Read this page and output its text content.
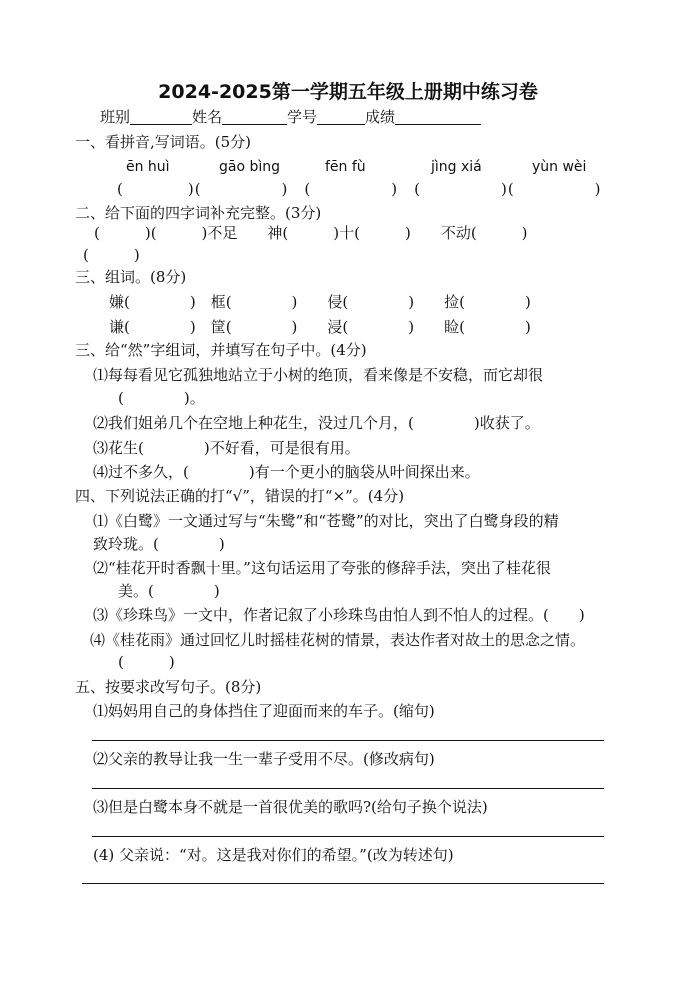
2024-2025第一学期五年级上册期中练习卷
班别	姓名	学号	成绩
一、看拼音,写词语。(5分)
ēn huì	gāo bìng	fēn fù	jìng xiá	yùn wèi
(　　　　)(　　　　　)　(　　　　　)　(　　　　　)(　　　　　)
二、给下面的四字词补充完整。(3分)
(　　　)(　　　)不足　　神(　　　)十(　　　)　　不动(　　　)
(　　　)
三、组词。(8分)
嫌(　　　　)　框(　　　　)　　侵(　　　　)　　捡(　　　　)
谦(　　　　)　筐(　　　　)　　浸(　　　　)　　睑(　　　　)
三、给“然”字组词，并填写在句子中。(4分)
⑴每每看见它孤独地站立于小树的绝顶，看来像是不安稳，而它却很
(　　　　)。
⑵我们姐弟几个在空地上种花生，没过几个月，(　　　　)收获了。
⑶花生(　　　　)不好看，可是很有用。
⑷过不多久，(　　　　)有一个更小的脑袋从叶间探出来。
四、下列说法正确的打“√”，错误的打“×”。(4分)
⑴《白鹭》一文通过写与“朱鹭”和“苍鹭”的对比，突出了白鹭身段的精
致玲珑。(　　　　)
⑵“桂花开时香飘十里。”这句话运用了夸张的修辞手法，突出了桂花很
美。(　　　　)
⑶《珍珠鸟》一文中，作者记叙了小珍珠鸟由怕人到不怕人的过程。(　　)
⑷《桂花雨》通过回忆儿时摇桂花树的情景，表达作者对故土的思念之情。
(　　　)
五、按要求改写句子。(8分)
⑴妈妈用自己的身体挡住了迎面而来的车子。(缩句)
⑵父亲的教导让我一生一辈子受用不尽。(修改病句)
⑶但是白鹭本身不就是一首很优美的歌吗?(给句子换个说法)
(4) 父亲说：“对。这是我对你们的希望。”(改为转述句)
